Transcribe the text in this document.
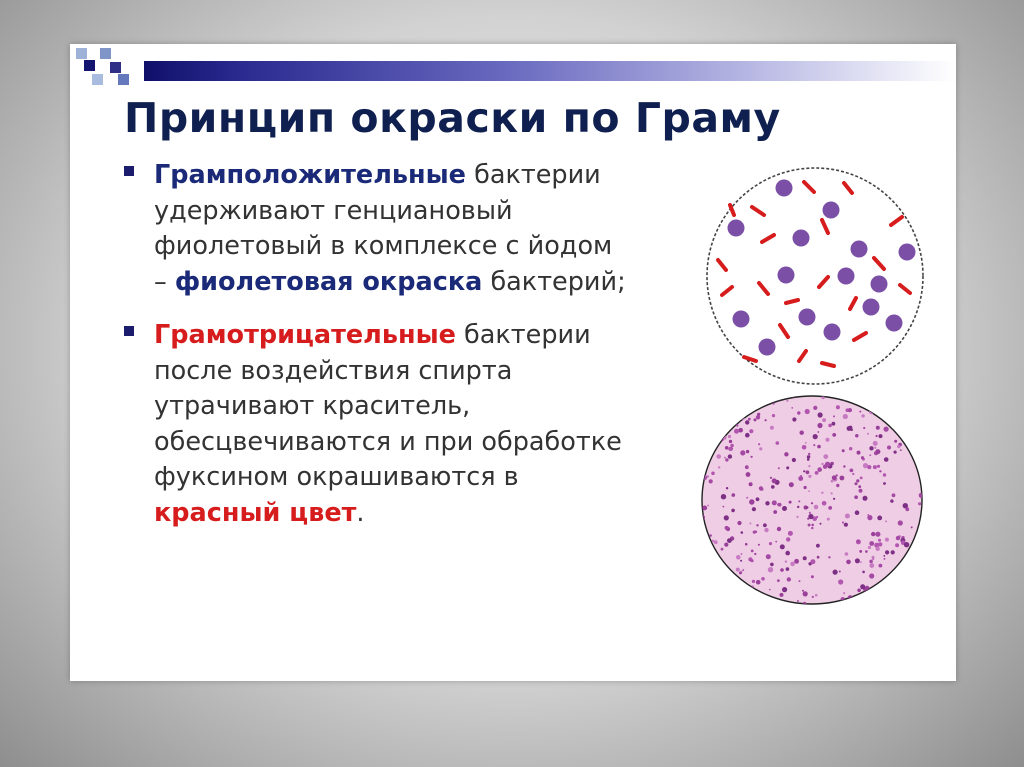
Принцип окраски по Граму
Грамположительные бактерии
удерживают генциановый
фиолетовый в комплексе с йодом
– фиолетовая окраска бактерий;
Грамотрицательные бактерии
после воздействия спирта
утрачивают краситель,
обесцвечиваются и при обработке
фуксином окрашиваются в
красный цвет.
